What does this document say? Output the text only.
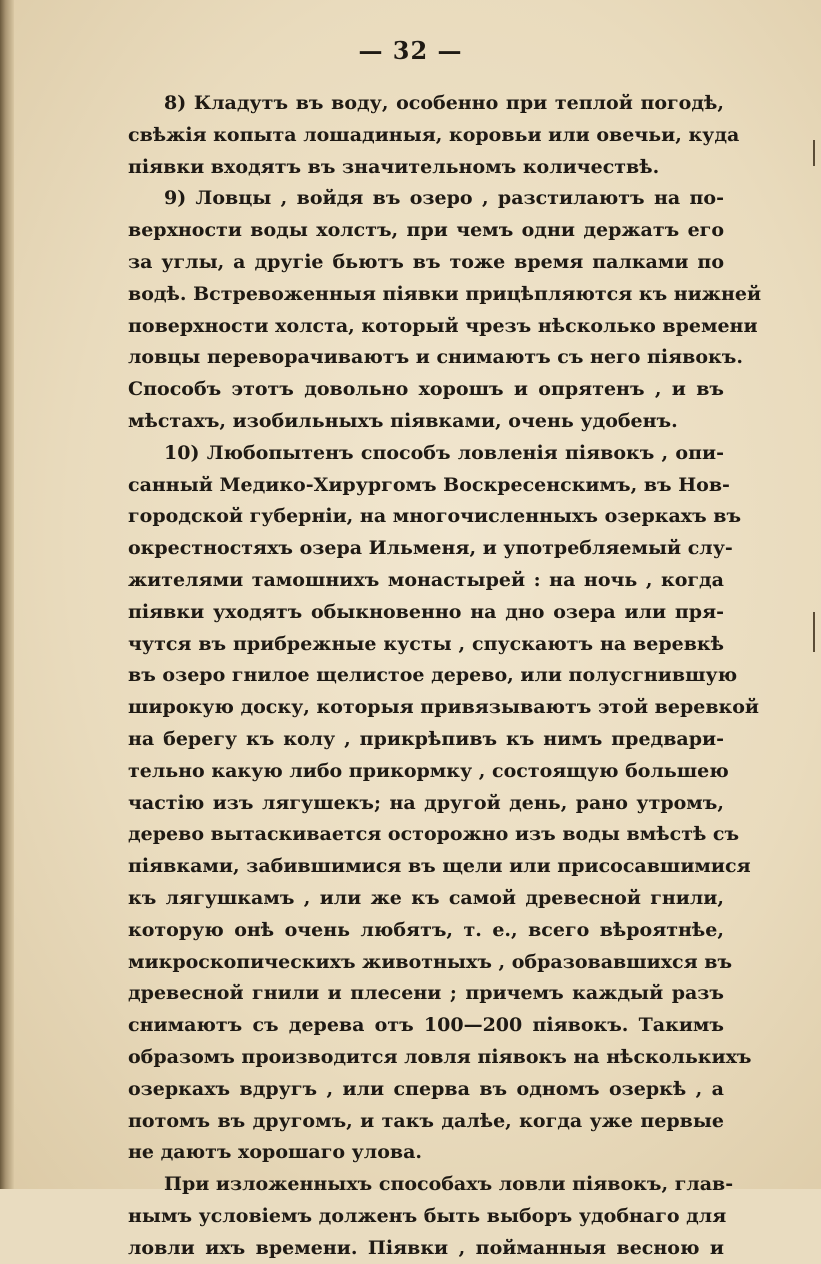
— 32 —
8) Кладутъ въ воду, особенно при теплой погодѣ,
свѣжія копыта лошадиныя, коровьи или овечьи, куда
піявки входятъ въ значительномъ количествѣ.
9) Ловцы , войдя въ озеро , разстилаютъ на по-
верхности воды холстъ, при чемъ одни держатъ его
за углы, а другіе бьютъ въ тоже время палками по
водѣ. Встревоженныя піявки прицѣпляются къ нижней
поверхности холста, который чрезъ нѣсколько времени
ловцы переворачиваютъ и снимаютъ съ него піявокъ.
Способъ этотъ довольно хорошъ и опрятенъ , и въ
мѣстахъ, изобильныхъ піявками, очень удобенъ.
10) Любопытенъ способъ ловленія піявокъ , опи-
санный Медико-Хирургомъ Воскресенскимъ, въ Нов-
городской губерніи, на многочисленныхъ озеркахъ въ
окрестностяхъ озера Ильменя, и употребляемый слу-
жителями тамошнихъ монастырей : на ночь , когда
піявки уходятъ обыкновенно на дно озера или пря-
чутся въ прибрежные кусты , спускаютъ на веревкѣ
въ озеро гнилое щелистое дерево, или полусгнившую
широкую доску, которыя привязываютъ этой веревкой
на берегу къ колу , прикрѣпивъ къ нимъ предвари-
тельно какую либо прикормку , состоящую большею
частію изъ лягушекъ; на другой день, рано утромъ,
дерево вытаскивается осторожно изъ воды вмѣстѣ съ
піявками, забившимися въ щели или присосавшимися
къ лягушкамъ , или же къ самой древесной гнили,
которую онѣ очень любятъ, т. е., всего вѣроятнѣе,
микроскопическихъ животныхъ , образовавшихся въ
древесной гнили и плесени ; причемъ каждый разъ
снимаютъ съ дерева отъ 100—200 піявокъ. Такимъ
образомъ производится ловля піявокъ на нѣсколькихъ
озеркахъ вдругъ , или сперва въ одномъ озеркѣ , а
потомъ въ другомъ, и такъ далѣе, когда уже первые
не даютъ хорошаго улова.
При изложенныхъ способахъ ловли піявокъ, глав-
нымъ условіемъ долженъ быть выборъ удобнаго для
ловли ихъ времени. Піявки , пойманныя весною и
